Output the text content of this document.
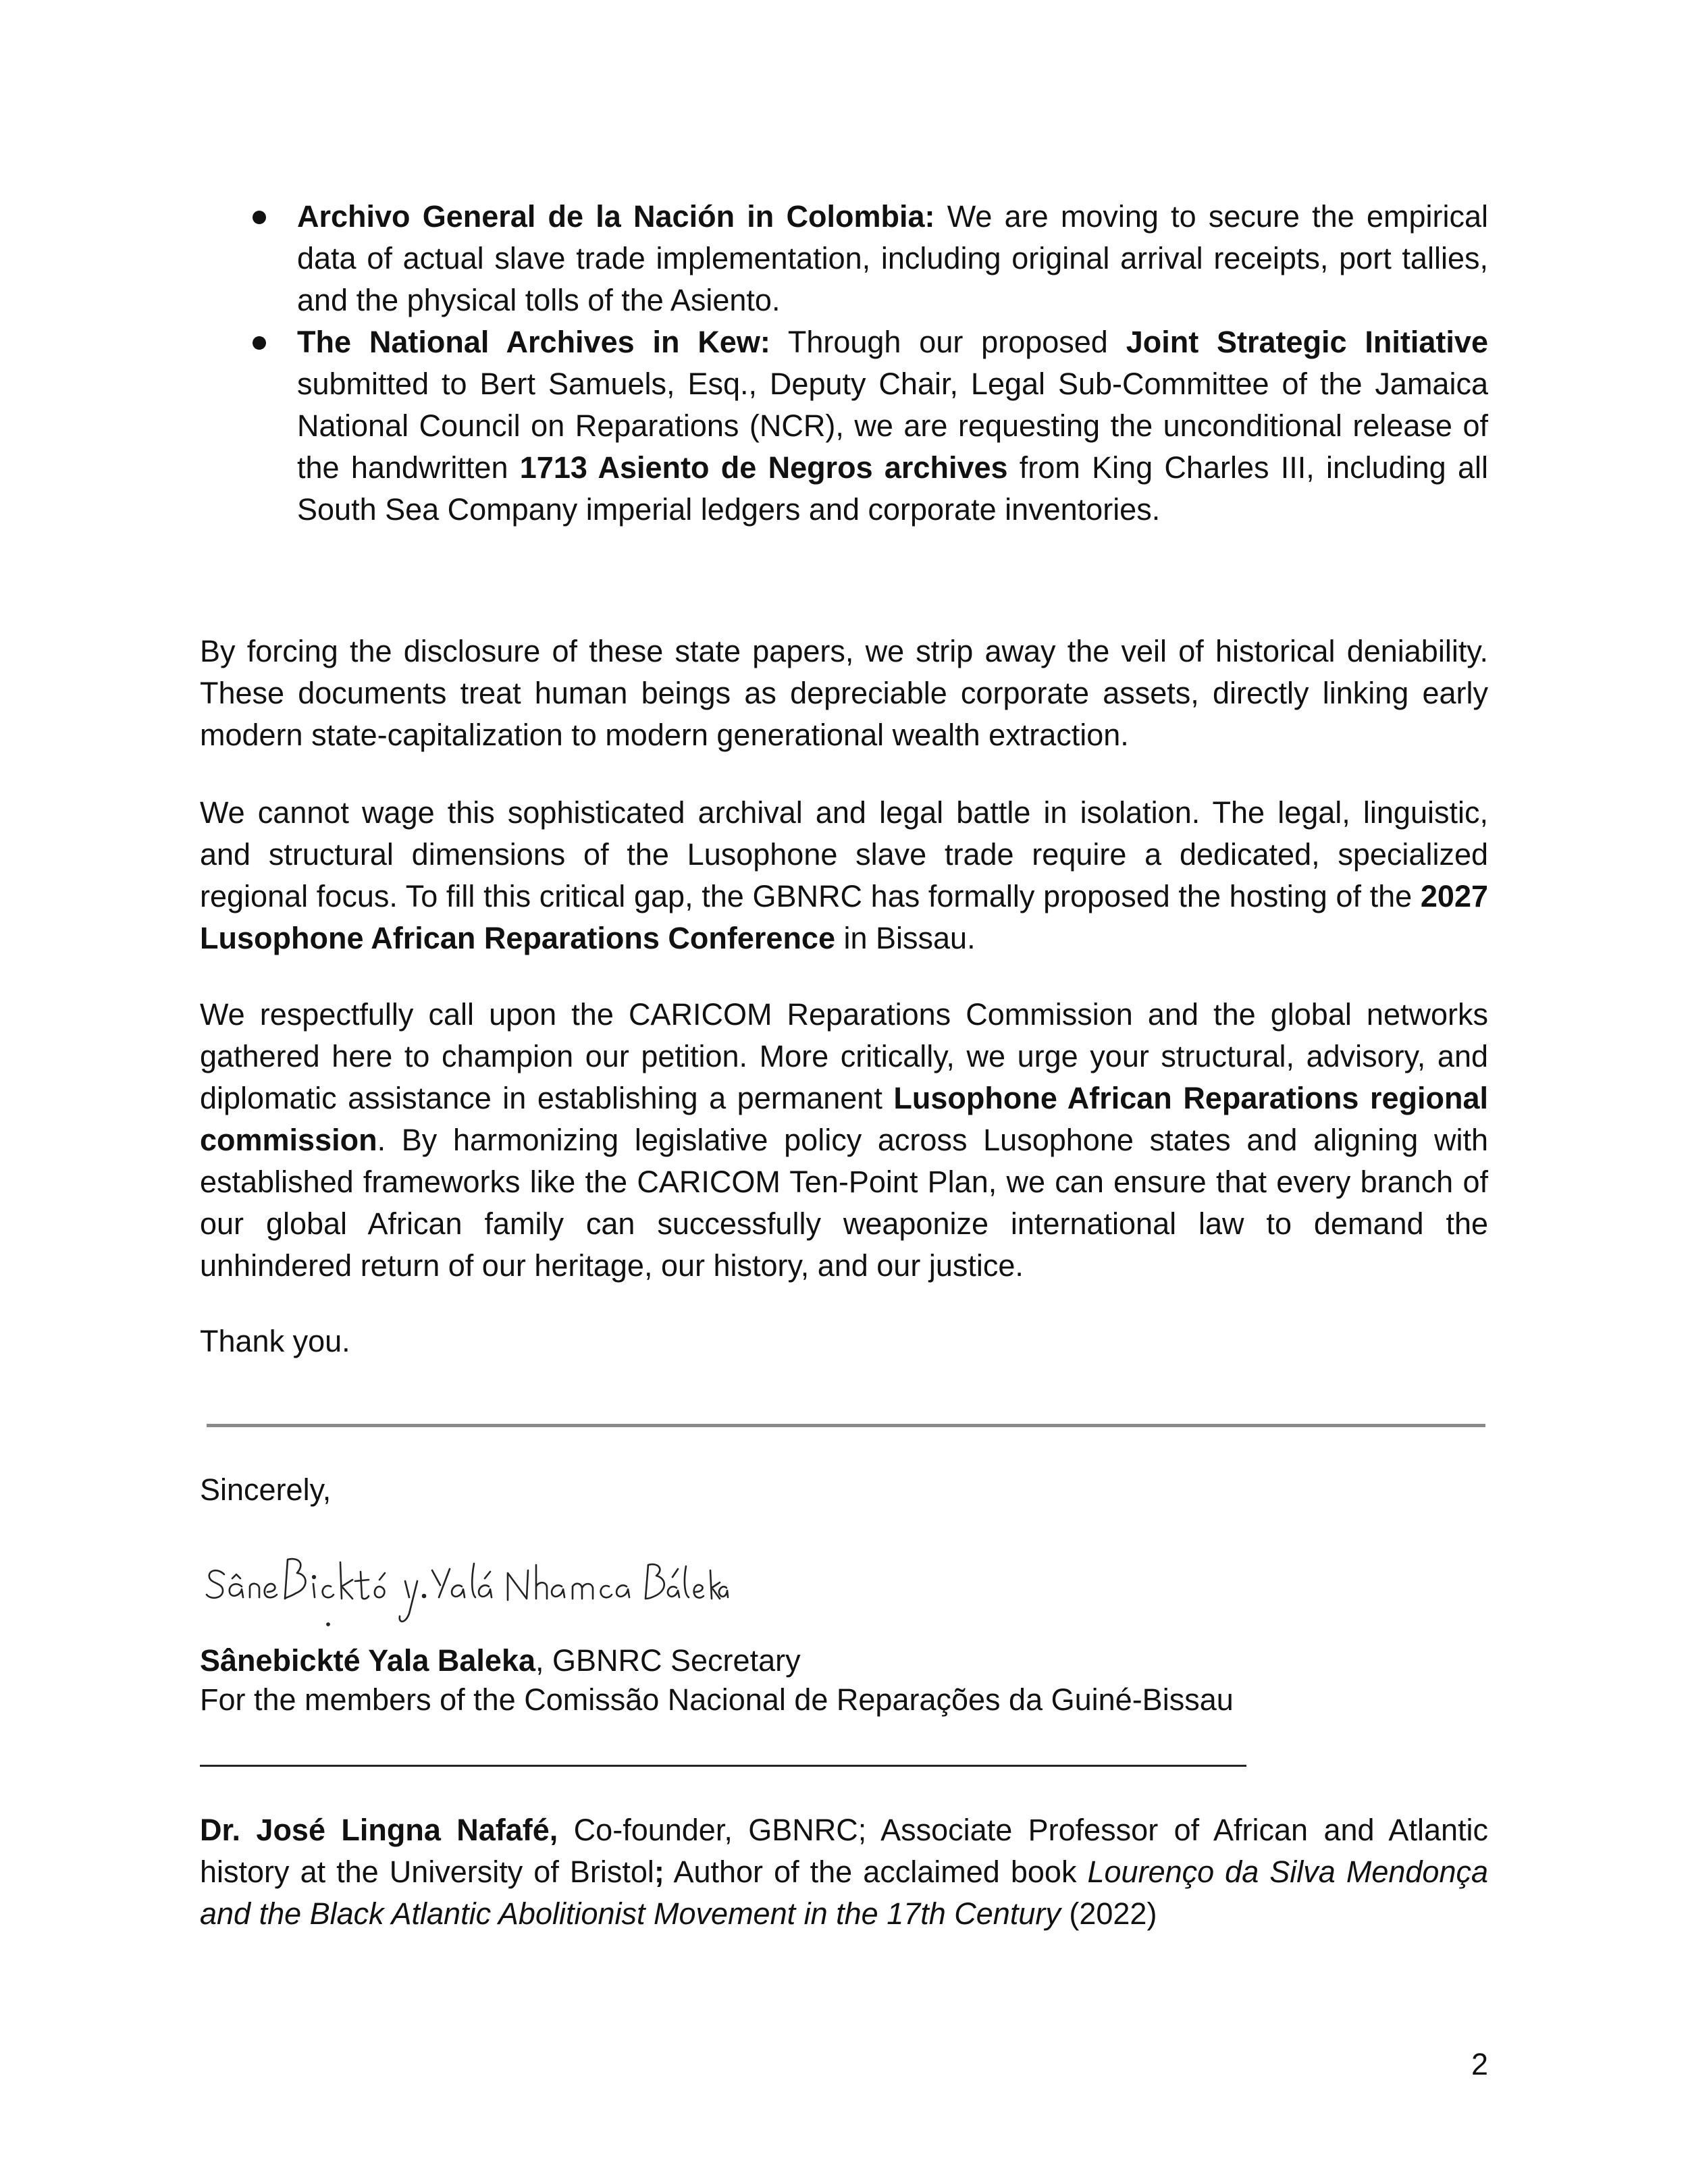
Archivo General de la Nación in Colombia: We are moving to secure the empirical data of actual slave trade implementation, including original arrival receipts, port tallies, and the physical tolls of the Asiento.
The National Archives in Kew: Through our proposed Joint Strategic Initiative submitted to Bert Samuels, Esq., Deputy Chair, Legal Sub-Committee of the Jamaica National Council on Reparations (NCR), we are requesting the unconditional release of the handwritten 1713 Asiento de Negros archives from King Charles III, including all South Sea Company imperial ledgers and corporate inventories.

By forcing the disclosure of these state papers, we strip away the veil of historical deniability. These documents treat human beings as depreciable corporate assets, directly linking early modern state-capitalization to modern generational wealth extraction.

We cannot wage this sophisticated archival and legal battle in isolation. The legal, linguistic, and structural dimensions of the Lusophone slave trade require a dedicated, specialized regional focus. To fill this critical gap, the GBNRC has formally proposed the hosting of the 2027 Lusophone African Reparations Conference in Bissau.

We respectfully call upon the CARICOM Reparations Commission and the global networks gathered here to champion our petition. More critically, we urge your structural, advisory, and diplomatic assistance in establishing a permanent Lusophone African Reparations regional commission. By harmonizing legislative policy across Lusophone states and aligning with established frameworks like the CARICOM Ten-Point Plan, we can ensure that every branch of our global African family can successfully weaponize international law to demand the unhindered return of our heritage, our history, and our justice.

Thank you.

Sincerely,

Sânebickté Yala Baleka, GBNRC Secretary

For the members of the Comissão Nacional de Reparações da Guiné-Bissau

Dr. José Lingna Nafafé, Co-founder, GBNRC; Associate Professor of African and Atlantic history at the University of Bristol; Author of the acclaimed book Lourenço da Silva Mendonça and the Black Atlantic Abolitionist Movement in the 17th Century (2022)

2
